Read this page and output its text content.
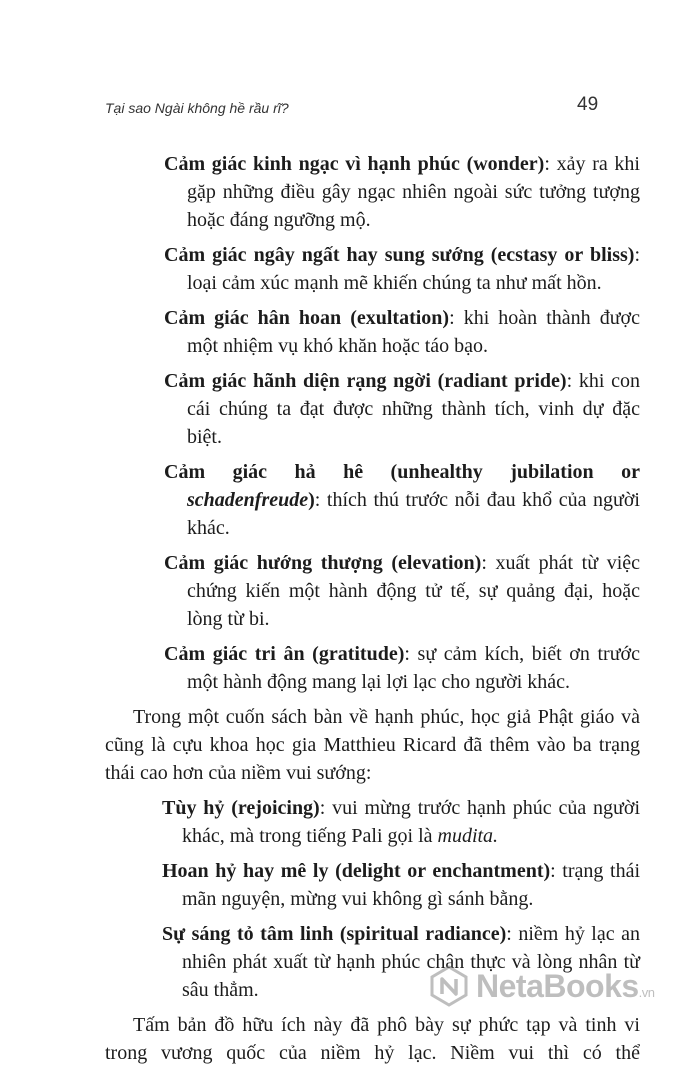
Tại sao Ngài không hề rầu rĩ?	49

Cảm giác kinh ngạc vì hạnh phúc (wonder): xảy ra khi gặp những điều gây ngạc nhiên ngoài sức tưởng tượng hoặc đáng ngưỡng mộ.

Cảm giác ngây ngất hay sung sướng (ecstasy or bliss): loại cảm xúc mạnh mẽ khiến chúng ta như mất hồn.

Cảm giác hân hoan (exultation): khi hoàn thành được một nhiệm vụ khó khăn hoặc táo bạo.

Cảm giác hãnh diện rạng ngời (radiant pride): khi con cái chúng ta đạt được những thành tích, vinh dự đặc biệt.

Cảm giác hả hê (unhealthy jubilation or schadenfreude): thích thú trước nỗi đau khổ của người khác.

Cảm giác hướng thượng (elevation): xuất phát từ việc chứng kiến một hành động tử tế, sự quảng đại, hoặc lòng từ bi.

Cảm giác tri ân (gratitude): sự cảm kích, biết ơn trước một hành động mang lại lợi lạc cho người khác.

Trong một cuốn sách bàn về hạnh phúc, học giả Phật giáo và cũng là cựu khoa học gia Matthieu Ricard đã thêm vào ba trạng thái cao hơn của niềm vui sướng:

Tùy hỷ (rejoicing): vui mừng trước hạnh phúc của người khác, mà trong tiếng Pali gọi là mudita.

Hoan hỷ hay mê ly (delight or enchantment): trạng thái mãn nguyện, mừng vui không gì sánh bằng.

Sự sáng tỏ tâm linh (spiritual radiance): niềm hỷ lạc an nhiên phát xuất từ hạnh phúc chân thực và lòng nhân từ sâu thẳm.

Tấm bản đồ hữu ích này đã phô bày sự phức tạp và tinh vi trong vương quốc của niềm hỷ lạc. Niềm vui thì có thể

NetaBooks.vn
